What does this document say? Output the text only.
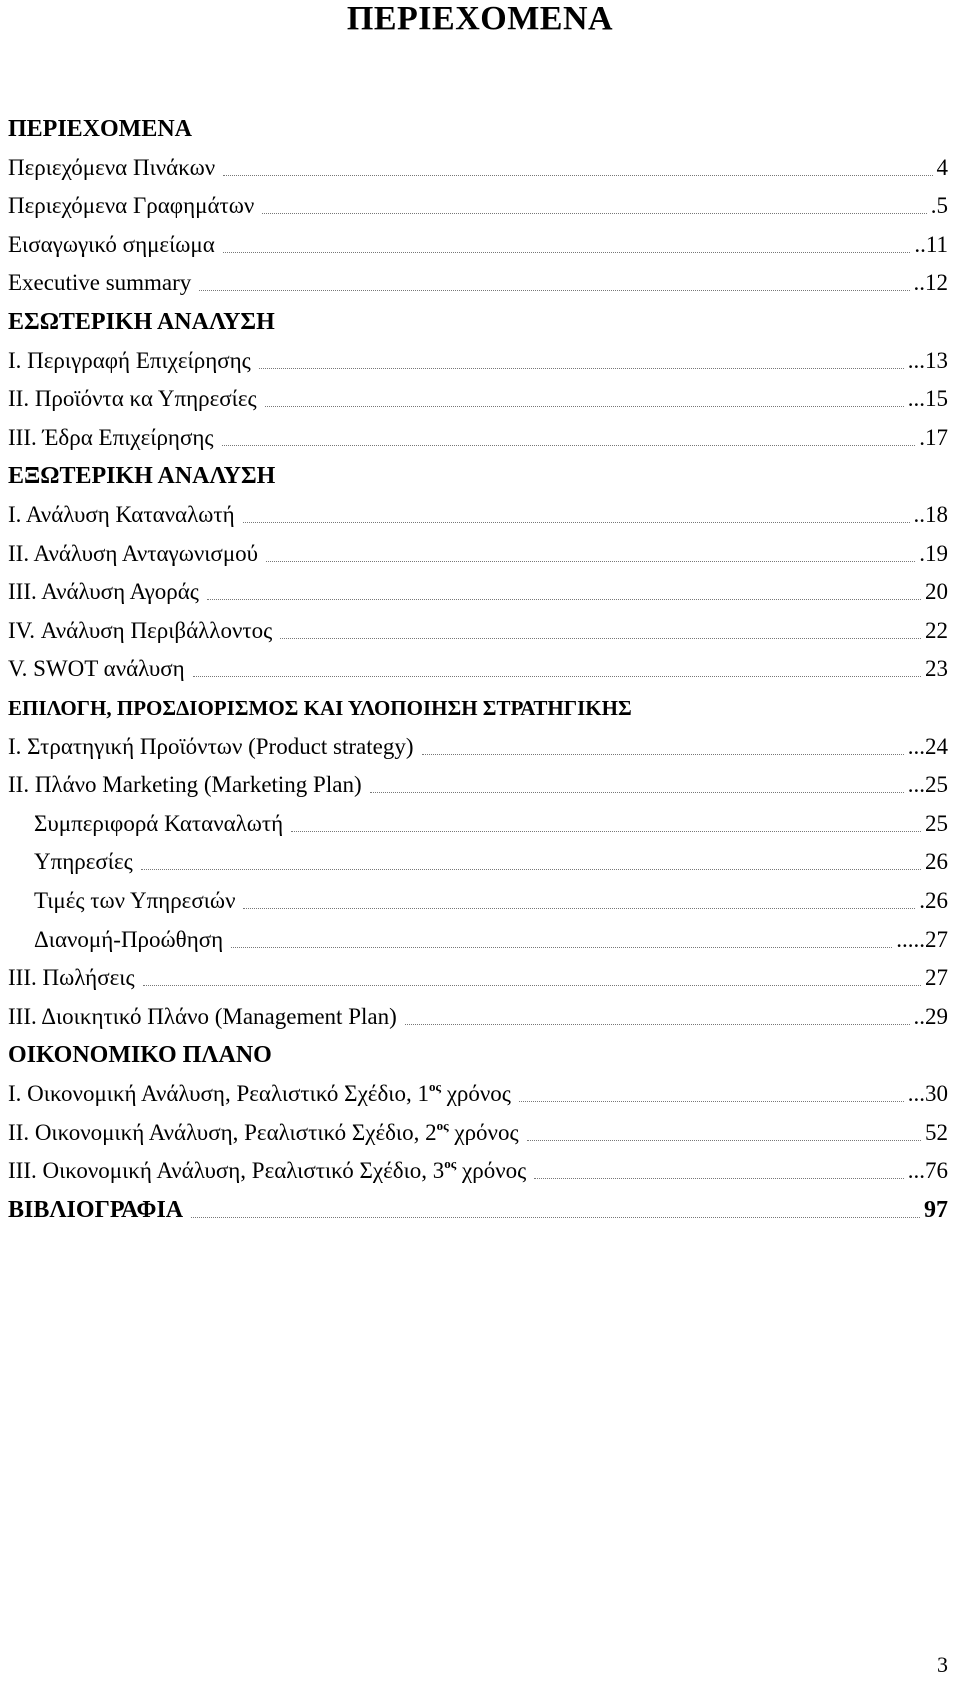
ΠΕΡΙΕΧΟΜΕΝΑ
ΠΕΡΙΕΧΟΜΕΝΑ
Περιεχόμενα Πινάκων	4
Περιεχόμενα Γραφημάτων	. 5
Εισαγωγικό σημείωμα	.. 11
Executive summary	.. 12
ΕΣΩΤΕΡΙΚΗ ΑΝΑΛΥΣΗ
Ι. Περιγραφή Επιχείρησης	... 13
ΙΙ. Προϊόντα κα Υπηρεσίες	... 15
ΙΙΙ. Έδρα Επιχείρησης	. 17
ΕΞΩΤΕΡΙΚΗ ΑΝΑΛΥΣΗ
Ι. Ανάλυση Καταναλωτή	.. 18
ΙΙ. Ανάλυση Ανταγωνισμού	. 19
ΙΙΙ. Ανάλυση Αγοράς	20
ΙV. Ανάλυση Περιβάλλοντος	22
V. SWOT ανάλυση	23
ΕΠΙΛΟΓΗ, ΠΡΟΣΔΙΟΡΙΣΜΟΣ ΚΑΙ ΥΛΟΠΟΙΗΣΗ ΣΤΡΑΤΗΓΙΚΗΣ
Ι. Στρατηγική Προϊόντων (Product strategy)	... 24
ΙΙ. Πλάνο Marketing (Marketing Plan)	... 25
Συμπεριφορά Καταναλωτή	25
Υπηρεσίες	26
Τιμές των Υπηρεσιών	. 26
Διανομή-Προώθηση	..... 27
ΙΙΙ. Πωλήσεις	27
ΙΙΙ. Διοικητικό Πλάνο (Management Plan)	.. 29
ΟΙΚΟΝΟΜΙΚΟ ΠΛΑΝΟ
Ι. Οικονομική Ανάλυση, Ρεαλιστικό Σχέδιο, $1^{o\varsigma}$ χρόνος	... 30
ΙΙ. Οικονομική Ανάλυση, Ρεαλιστικό Σχέδιο, $2^{o\varsigma}$ χρόνος	52
ΙΙΙ. Οικονομική Ανάλυση, Ρεαλιστικό Σχέδιο, $3^{o\varsigma}$ χρόνος	... 76
ΒΙΒΛΙΟΓΡΑΦΙΑ	97
3
